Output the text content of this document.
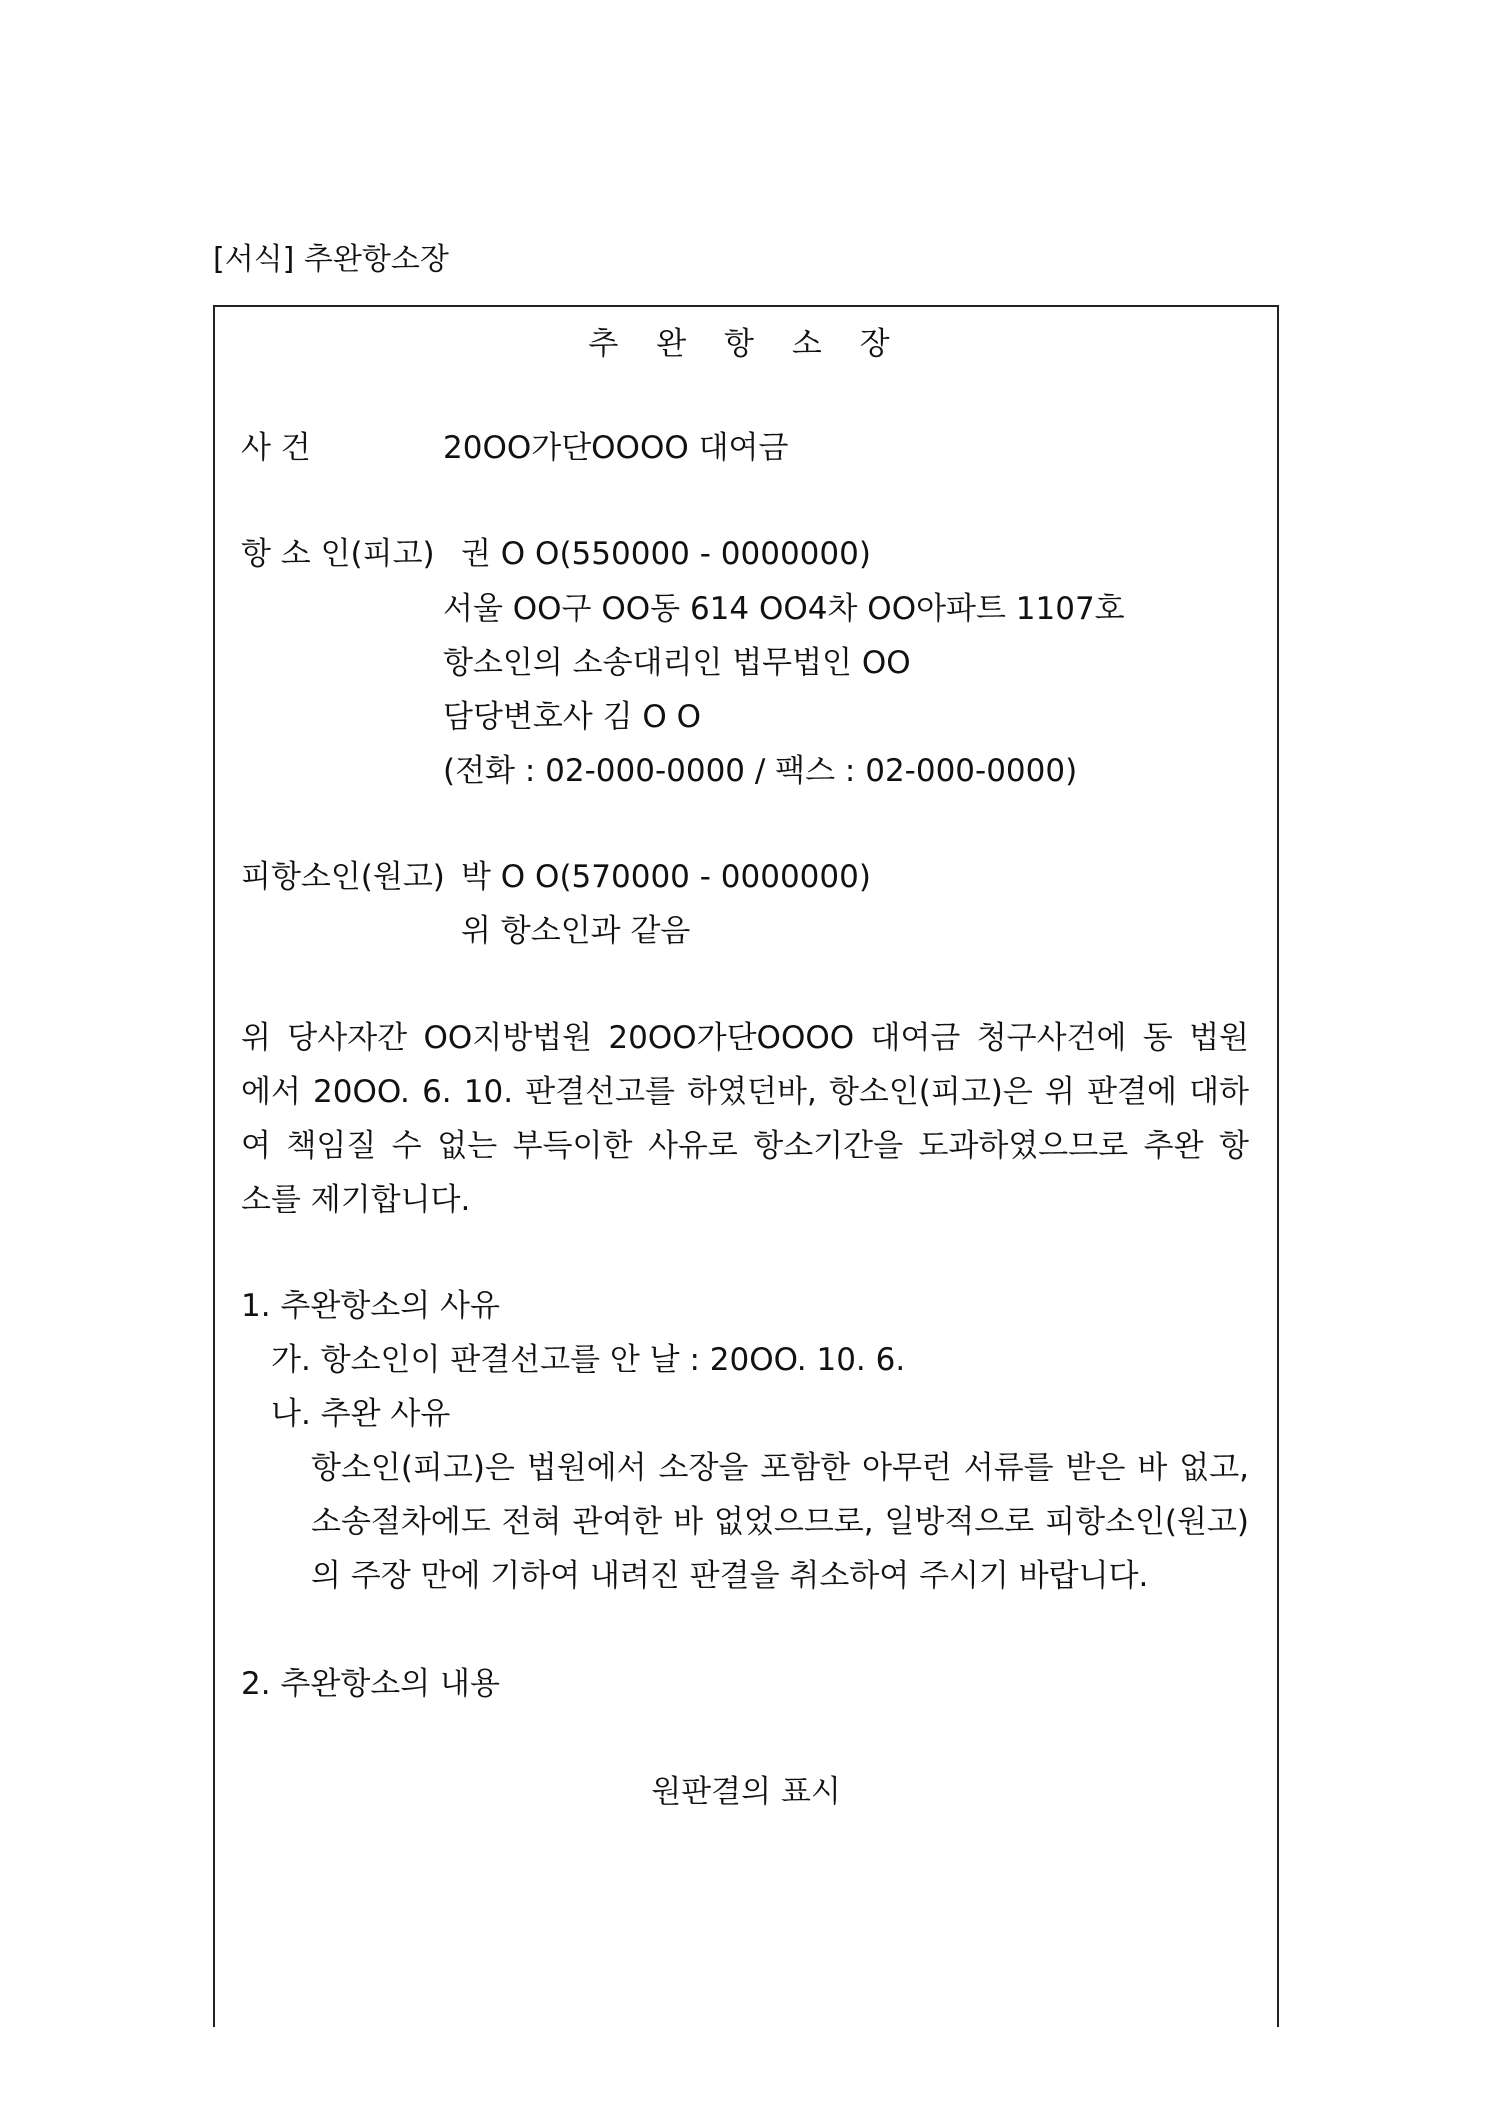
[서식] 추완항소장
추 완 항 소 장
사 건	20OO가단OOOO 대여금
항 소 인(피고) 권 O O(550000 - 0000000)
서울 OO구 OO동 614 OO4차 OO아파트 1107호
항소인의 소송대리인 법무법인 OO
담당변호사 김 O O
(전화 : 02-000-0000 / 팩스 : 02-000-0000)
피항소인(원고) 박 O O(570000 - 0000000)
위 항소인과 같음
위 당사자간 OO지방법원 20OO가단OOOO 대여금 청구사건에 동 법원
에서 20OO. 6. 10. 판결선고를 하였던바, 항소인(피고)은 위 판결에 대하
여 책임질 수 없는 부득이한 사유로 항소기간을 도과하였으므로 추완 항
소를 제기합니다.
1. 추완항소의 사유
가. 항소인이 판결선고를 안 날 : 20OO. 10. 6.
나. 추완 사유
항소인(피고)은 법원에서 소장을 포함한 아무런 서류를 받은 바 없고,
소송절차에도 전혀 관여한 바 없었으므로, 일방적으로 피항소인(원고)
의 주장 만에 기하여 내려진 판결을 취소하여 주시기 바랍니다.
2. 추완항소의 내용
원판결의 표시
